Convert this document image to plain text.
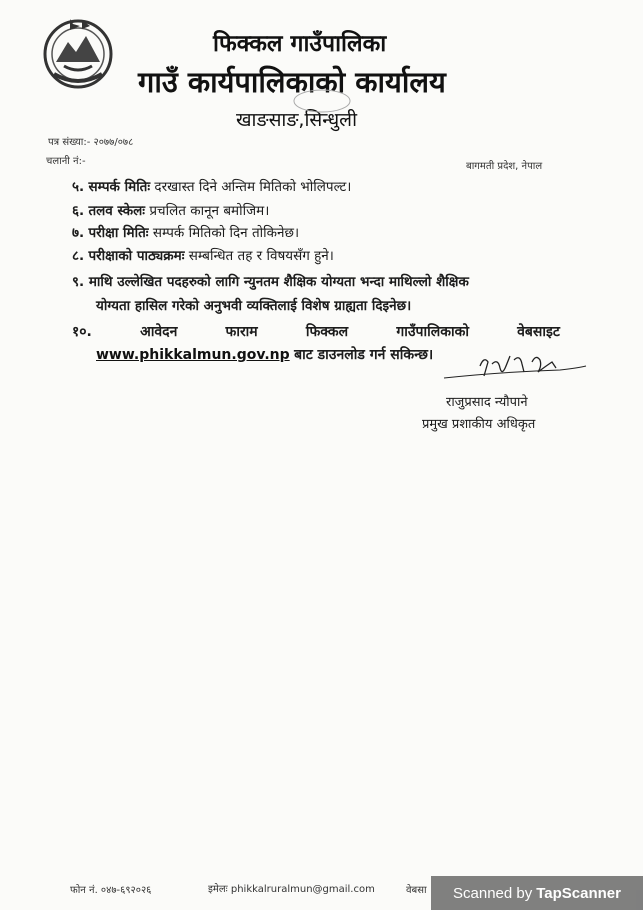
फिक्कल गाउँपालिका
गाउँ कार्यपालिकाको कार्यालय
खाङसाङ,सिन्धुली
पत्र संख्या:- २०७७/०७८
चलानी नं:-	बागमती प्रदेश, नेपाल
५. सम्पर्क मितिः दरखास्त दिने अन्तिम मितिको भोलिपल्ट।
६. तलव स्केलः प्रचलित कानून बमोजिम।
७. परीक्षा मितिः सम्पर्क मितिको दिन तोकिनेछ।
८. परीक्षाको पाठ्यक्रमः सम्बन्धित तह र विषयसँग हुने।
९. माथि उल्लेखित पदहरुको लागि न्युनतम शैक्षिक योग्यता भन्दा माथिल्लो शैक्षिक
योग्यता हासिल गरेको अनुभवी व्यक्तिलाई विशेष ग्राह्यता दिइनेछ।
१०.	आवेदन	फाराम	फिक्कल	गाउँपालिकाको	वेबसाइट
www.phikkalmun.gov.np बाट डाउनलोड गर्न सकिन्छ।
राजुप्रसाद न्यौपाने
प्रमुख प्रशाकीय अधिकृत
फोन नं. ०४७-६९२०२६	इमेलः phikkalruralmun@gmail.com	वेबसा Scanned by TapScanner
